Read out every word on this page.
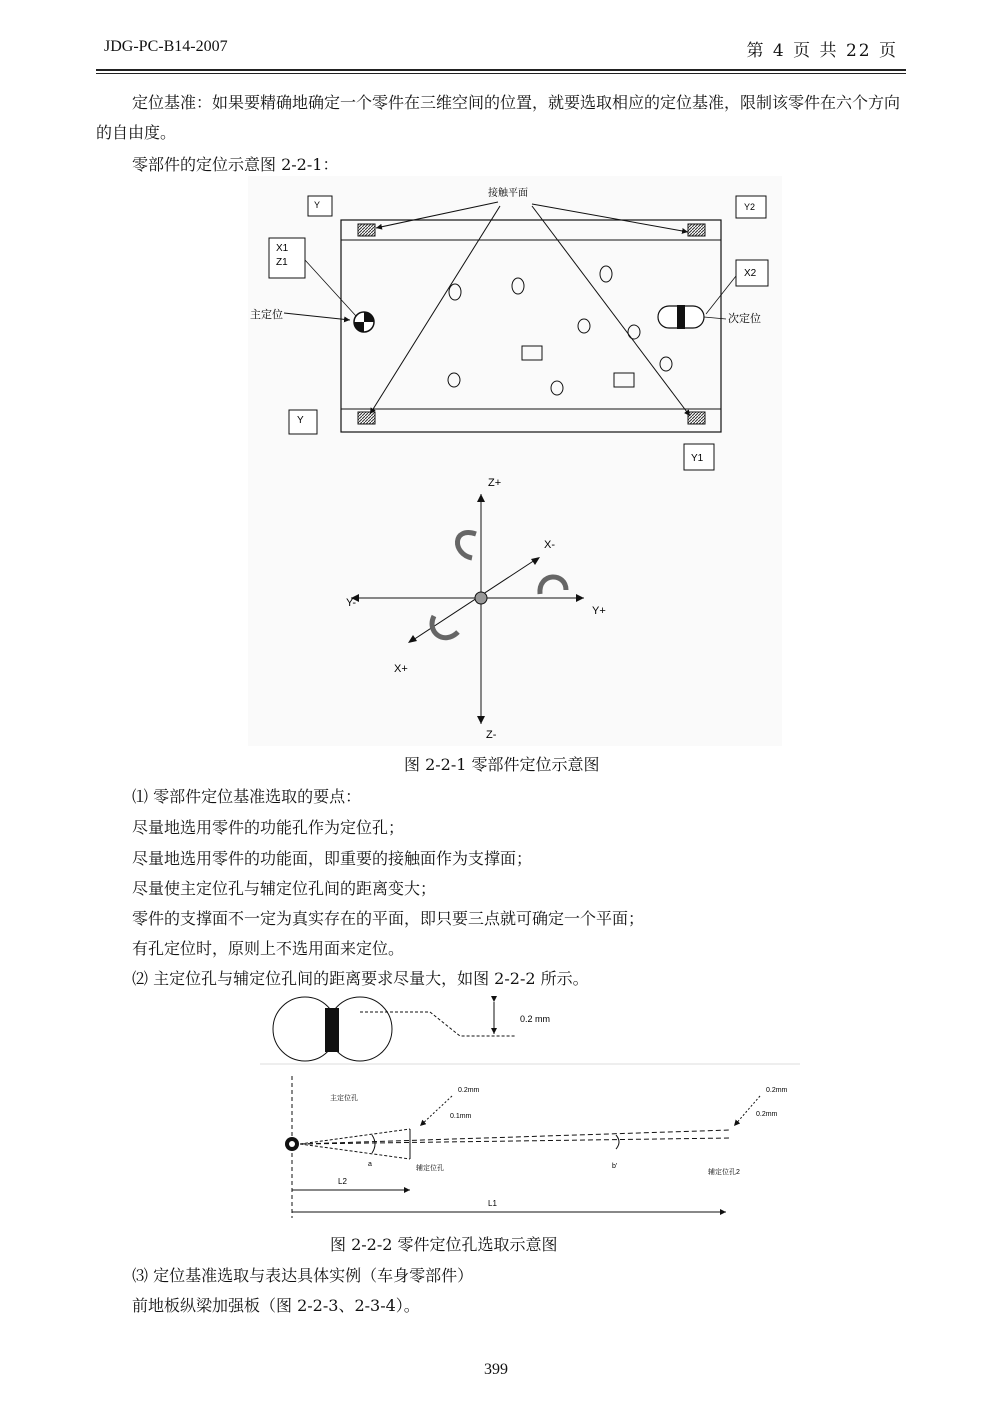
JDG-PC-B14-2007	第 4 页 共 22 页
定位基准：如果要精确地确定一个零件在三维空间的位置，就要选取相应的定位基准，限制该零件在六个方向的自由度。
零部件的定位示意图 2-2-1：
接触平面
Y	Y2
X1
Z1
X2
Y
Y1
主定位	次定位
Z+
Z-
X-
X+
Y-
Y+
图 2-2-1 零部件定位示意图
⑴ 零部件定位基准选取的要点：
尽量地选用零件的功能孔作为定位孔；
尽量地选用零件的功能面，即重要的接触面作为支撑面；
尽量使主定位孔与辅定位孔间的距离变大；
零件的支撑面不一定为真实存在的平面，即只要三点就可确定一个平面；
有孔定位时，原则上不选用面来定位。
⑵ 主定位孔与辅定位孔间的距离要求尽量大，如图 2-2-2 所示。
0.2 mm
主定位孔
辅定位孔
辅定位孔2
a	b'
0.2mm
0.1mm
0.2mm
0.2mm
L2
L1
图 2-2-2 零件定位孔选取示意图
⑶ 定位基准选取与表达具体实例（车身零部件）
前地板纵梁加强板（图 2-2-3、2-3-4）。
399
